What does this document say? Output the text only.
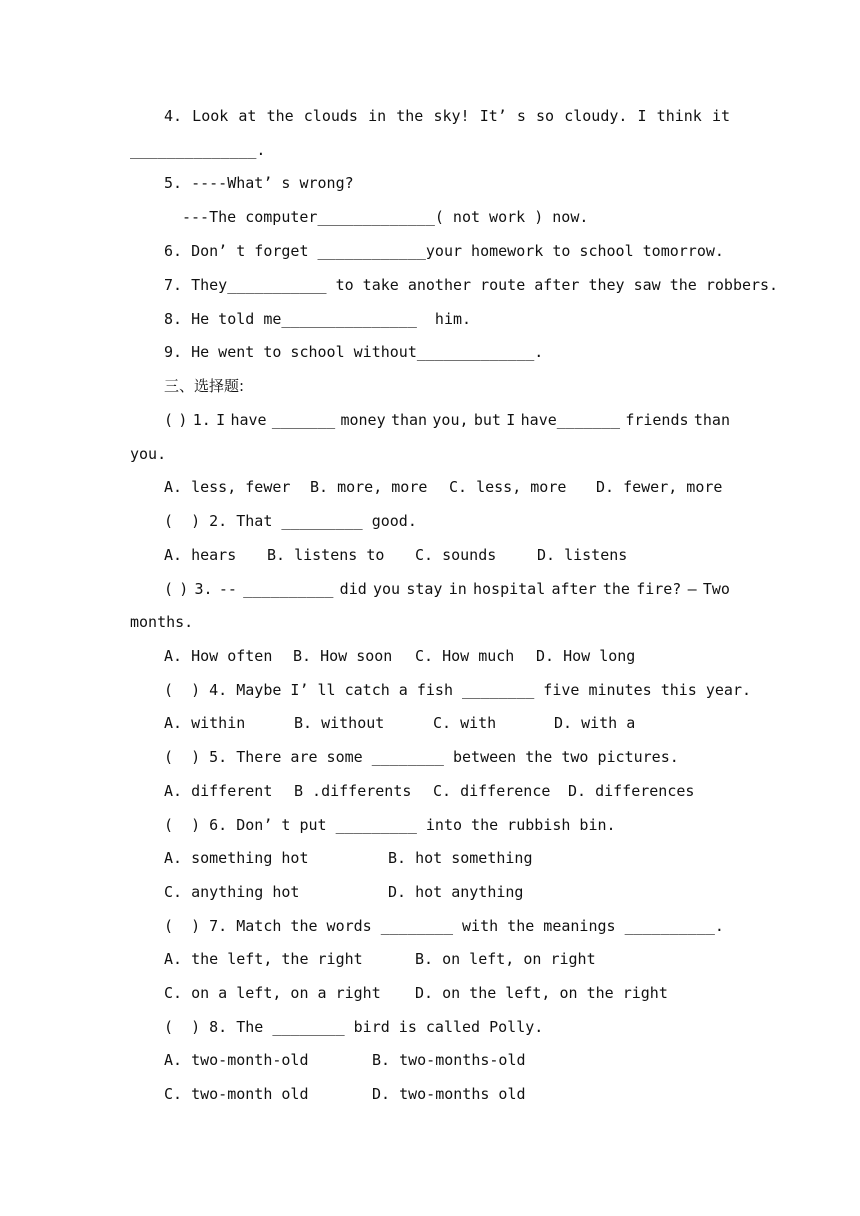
4. Look at the clouds in the sky! It’ s so cloudy. I think it
______________.
5. ----What’ s wrong?
---The computer_____________( not work ) now.
6. Don’ t forget ____________your homework to school tomorrow.
7. They___________ to take another route after they saw the robbers.
8. He told me_______________  him.
9. He went to school without_____________.
三、选择题:
( ) 1. I have _______ money than you, but I have_______ friends than
you.
A. less, fewer	B. more, more	C. less, more	D. fewer, more
(  ) 2. That _________ good.
A. hears	B. listens to	C. sounds	D. listens
( ) 3. -- __________ did you stay in hospital after the fire? – Two
months.
A. How often	B. How soon	C. How much	D. How long
(  ) 4. Maybe I’ ll catch a fish ________ five minutes this year.
A. within	B. without	C. with	D. with a
(  ) 5. There are some ________ between the two pictures.
A. different	B .differents	C. difference	D. differences
(  ) 6. Don’ t put _________ into the rubbish bin.
A. something hot	B. hot something
C. anything hot	D. hot anything
(  ) 7. Match the words ________ with the meanings __________.
A. the left, the right	B. on left, on right
C. on a left, on a right	D. on the left, on the right
(  ) 8. The ________ bird is called Polly.
A. two-month-old	B. two-months-old
C. two-month old	D. two-months old
